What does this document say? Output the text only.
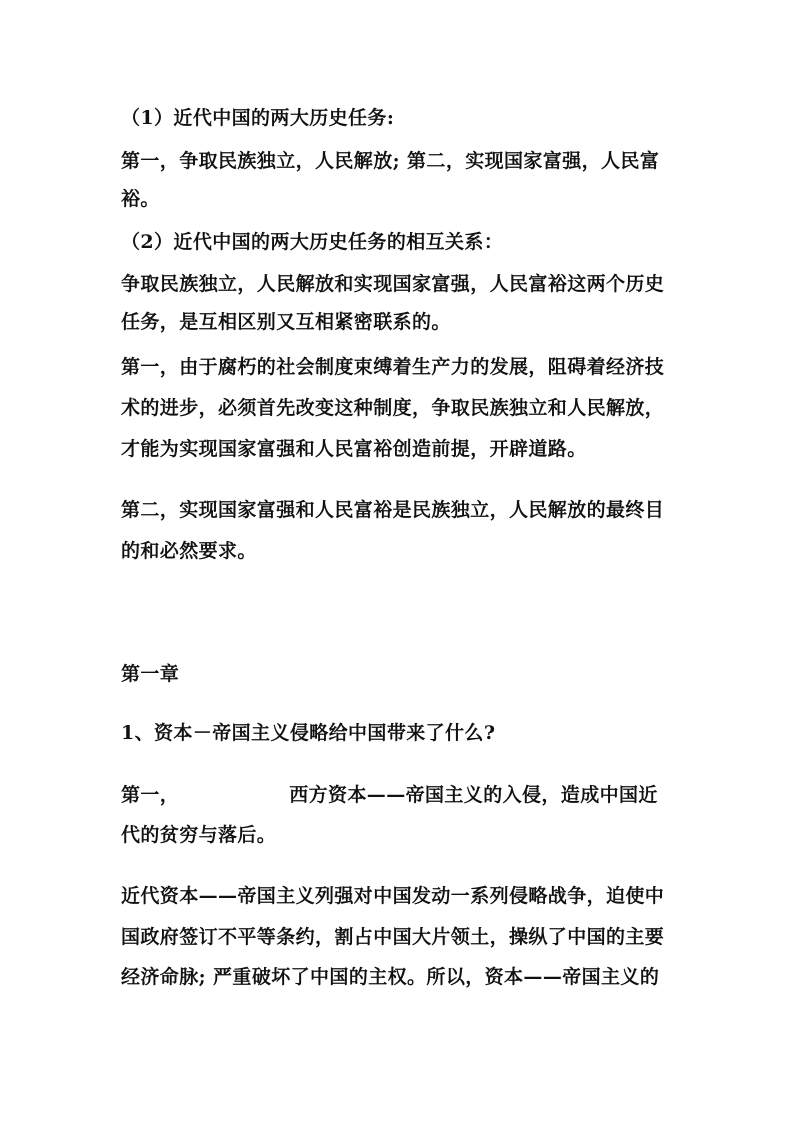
（1）近代中国的两大历史任务:

第一，争取民族独立，人民解放; 第二，实现国家富强，人民富

裕。

（2）近代中国的两大历史任务的相互关系：

争取民族独立，人民解放和实现国家富强，人民富裕这两个历史

任务，是互相区别又互相紧密联系的。

第一，由于腐朽的社会制度束缚着生产力的发展，阻碍着经济技

术的进步，必须首先改变这种制度，争取民族独立和人民解放，

才能为实现国家富强和人民富裕创造前提，开辟道路。

第二，实现国家富强和人民富裕是民族独立，人民解放的最终目

的和必然要求。

第一章

1、资本－帝国主义侵略给中国带来了什么?

第一，	西方资本——帝国主义的入侵，造成中国近

代的贫穷与落后。

近代资本——帝国主义列强对中国发动一系列侵略战争，迫使中

国政府签订不平等条约，割占中国大片领土，操纵了中国的主要

经济命脉; 严重破坏了中国的主权。所以，资本——帝国主义的
